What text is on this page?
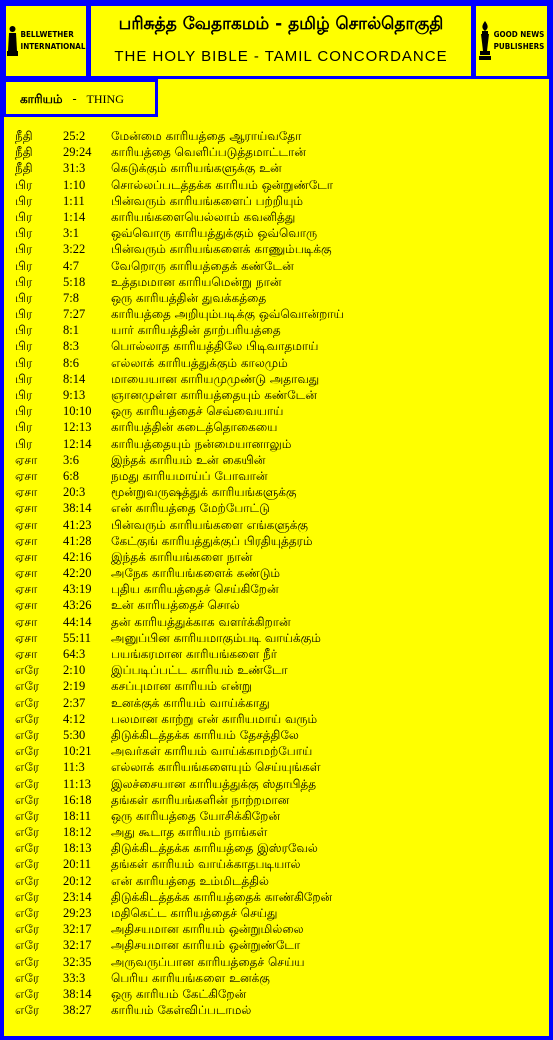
BELLWETHER
INTERNATIONAL
பரிசுத்த வேதாகமம் - தமிழ் சொல்தொகுதி
THE HOLY BIBLE - TAMIL CONCORDANCE
GOOD NEWS
PUBLISHERS
காரியம் - THING
நீதி	25:2	மேன்மை காரியத்தை ஆராய்வதோ
நீதி	29:24	காரியத்தை வெளிப்படுத்தமாட்டான்
நீதி	31:3	கெடுக்கும் காரியங்களுக்கு உன்
பிர	1:10	சொல்லப்படத்தக்க காரியம் ஒன்றுண்டோ
பிர	1:11	பின்வரும் காரியங்களைப் பற்றியும்
பிர	1:14	காரியங்களையெல்லாம் கவனித்து
பிர	3:1	ஒவ்வொரு காரியத்துக்கும் ஒவ்வொரு
பிர	3:22	பின்வரும் காரியங்களைக் காணும்படிக்கு
பிர	4:7	வேறொரு காரியத்தைக் கண்டேன்
பிர	5:18	உத்தமமான காரியமென்று நான்
பிர	7:8	ஒரு காரியத்தின் துவக்கத்தை
பிர	7:27	காரியத்தை அறியும்படிக்கு ஒவ்வொன்றாய்
பிர	8:1	யார் காரியத்தின் தாற்பரியத்தை
பிர	8:3	பொல்லாத காரியத்திலே பிடிவாதமாய்
பிர	8:6	எல்லாக் காரியத்துக்கும் காலமும்
பிர	8:14	மாயையான காரியமுமுண்டு அதாவது
பிர	9:13	ஞானமுள்ள காரியத்தையும் கண்டேன்
பிர	10:10	ஒரு காரியத்தைச் செவ்வையாய்
பிர	12:13	காரியத்தின் கடைத்தொகையை
பிர	12:14	காரியத்தையும் நன்மையானாலும்
ஏசா	3:6	இந்தக் காரியம் உன் கையின்
ஏசா	6:8	நமது காரியமாய்ப் போவான்
ஏசா	20:3	மூன்றுவருஷத்துக் காரியங்களுக்கு
ஏசா	38:14	என் காரியத்தை மேற்போட்டு
ஏசா	41:23	பின்வரும் காரியங்களை எங்களுக்கு
ஏசா	41:28	கேட்குங் காரியத்துக்குப் பிரதியுத்தரம்
ஏசா	42:16	இந்தக் காரியங்களை நான்
ஏசா	42:20	அநேக காரியங்களைக் கண்டும்
ஏசா	43:19	புதிய காரியத்தைச் செய்கிறேன்
ஏசா	43:26	உன் காரியத்தைச் சொல்
ஏசா	44:14	தன் காரியத்துக்காக வளர்க்கிறான்
ஏசா	55:11	அனுப்பின காரியமாகும்படி வாய்க்கும்
ஏசா	64:3	பயங்கரமான காரியங்களை நீர்
எரே	2:10	இப்படிப்பட்ட காரியம் உண்டோ
எரே	2:19	கசப்புமான காரியம் என்று
எரே	2:37	உனக்குக் காரியம் வாய்க்காது
எரே	4:12	பலமான காற்று என் காரியமாய் வரும்
எரே	5:30	திடுக்கிடத்தக்க காரியம் தேசத்திலே
எரே	10:21	அவர்கள் காரியம் வாய்க்காமற்போய்
எரே	11:3	எல்லாக் காரியங்களையும் செய்யுங்கள்
எரே	11:13	இலச்சையான காரியத்துக்கு ஸ்தாபித்த
எரே	16:18	தங்கள் காரியங்களின் நாற்றமான
எரே	18:11	ஒரு காரியத்தை யோசிக்கிறேன்
எரே	18:12	அது கூடாத காரியம் நாங்கள்
எரே	18:13	திடுக்கிடத்தக்க காரியத்தை இஸ்ரவேல்
எரே	20:11	தங்கள் காரியம் வாய்க்காதபடியால்
எரே	20:12	என் காரியத்தை உம்மிடத்தில்
எரே	23:14	திடுக்கிடத்தக்க காரியத்தைக் காண்கிறேன்
எரே	29:23	மதிகெட்ட காரியத்தைச் செய்து
எரே	32:17	அதிசயமான காரியம் ஒன்றுமில்லை
எரே	32:17	அதிசயமான காரியம் ஒன்றுண்டோ
எரே	32:35	அருவருப்பான காரியத்தைச் செய்ய
எரே	33:3	பெரிய காரியங்களை உனக்கு
எரே	38:14	ஒரு காரியம் கேட்கிறேன்
எரே	38:27	காரியம் கேள்விப்படாமல்
